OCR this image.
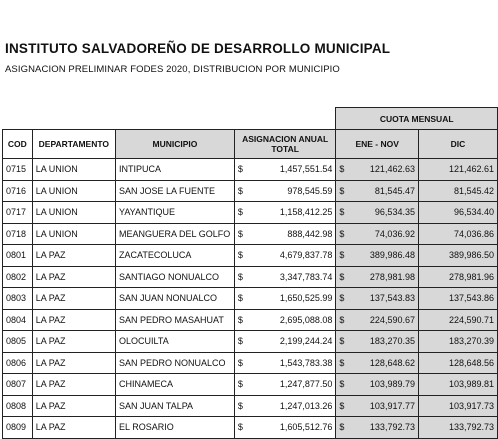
INSTITUTO SALVADOREÑO DE DESARROLLO MUNICIPAL
ASIGNACION PRELIMINAR FODES 2020, DISTRIBUCION POR MUNICIPIO
				CUOTA MENSUAL	
COD	DEPARTAMENTO	MUNICIPIO	ASIGNACION ANUAL TOTAL	ENE - NOV	DIC
0715	LA UNION	INTIPUCA	$ 1,457,551.54	$ 121,462.63	121,462.61
0716	LA UNION	SAN JOSE LA FUENTE	$ 978,545.59	$ 81,545.47	81,545.42
0717	LA UNION	YAYANTIQUE	$ 1,158,412.25	$ 96,534.35	96,534.40
0718	LA UNION	MEANGUERA DEL GOLFO	$ 888,442.98	$ 74,036.92	74,036.86
0801	LA PAZ	ZACATECOLUCA	$ 4,679,837.78	$ 389,986.48	389,986.50
0802	LA PAZ	SANTIAGO NONUALCO	$ 3,347,783.74	$ 278,981.98	278,981.96
0803	LA PAZ	SAN JUAN NONUALCO	$ 1,650,525.99	$ 137,543.83	137,543.86
0804	LA PAZ	SAN PEDRO MASAHUAT	$ 2,695,088.08	$ 224,590.67	224,590.71
0805	LA PAZ	OLOCUILTA	$ 2,199,244.24	$ 183,270.35	183,270.39
0806	LA PAZ	SAN PEDRO NONUALCO	$ 1,543,783.38	$ 128,648.62	128,648.56
0807	LA PAZ	CHINAMECA	$ 1,247,877.50	$ 103,989.79	103,989.81
0808	LA PAZ	SAN JUAN TALPA	$ 1,247,013.26	$ 103,917.77	103,917.73
0809	LA PAZ	EL ROSARIO	$ 1,605,512.76	$ 133,792.73	133,792.73
